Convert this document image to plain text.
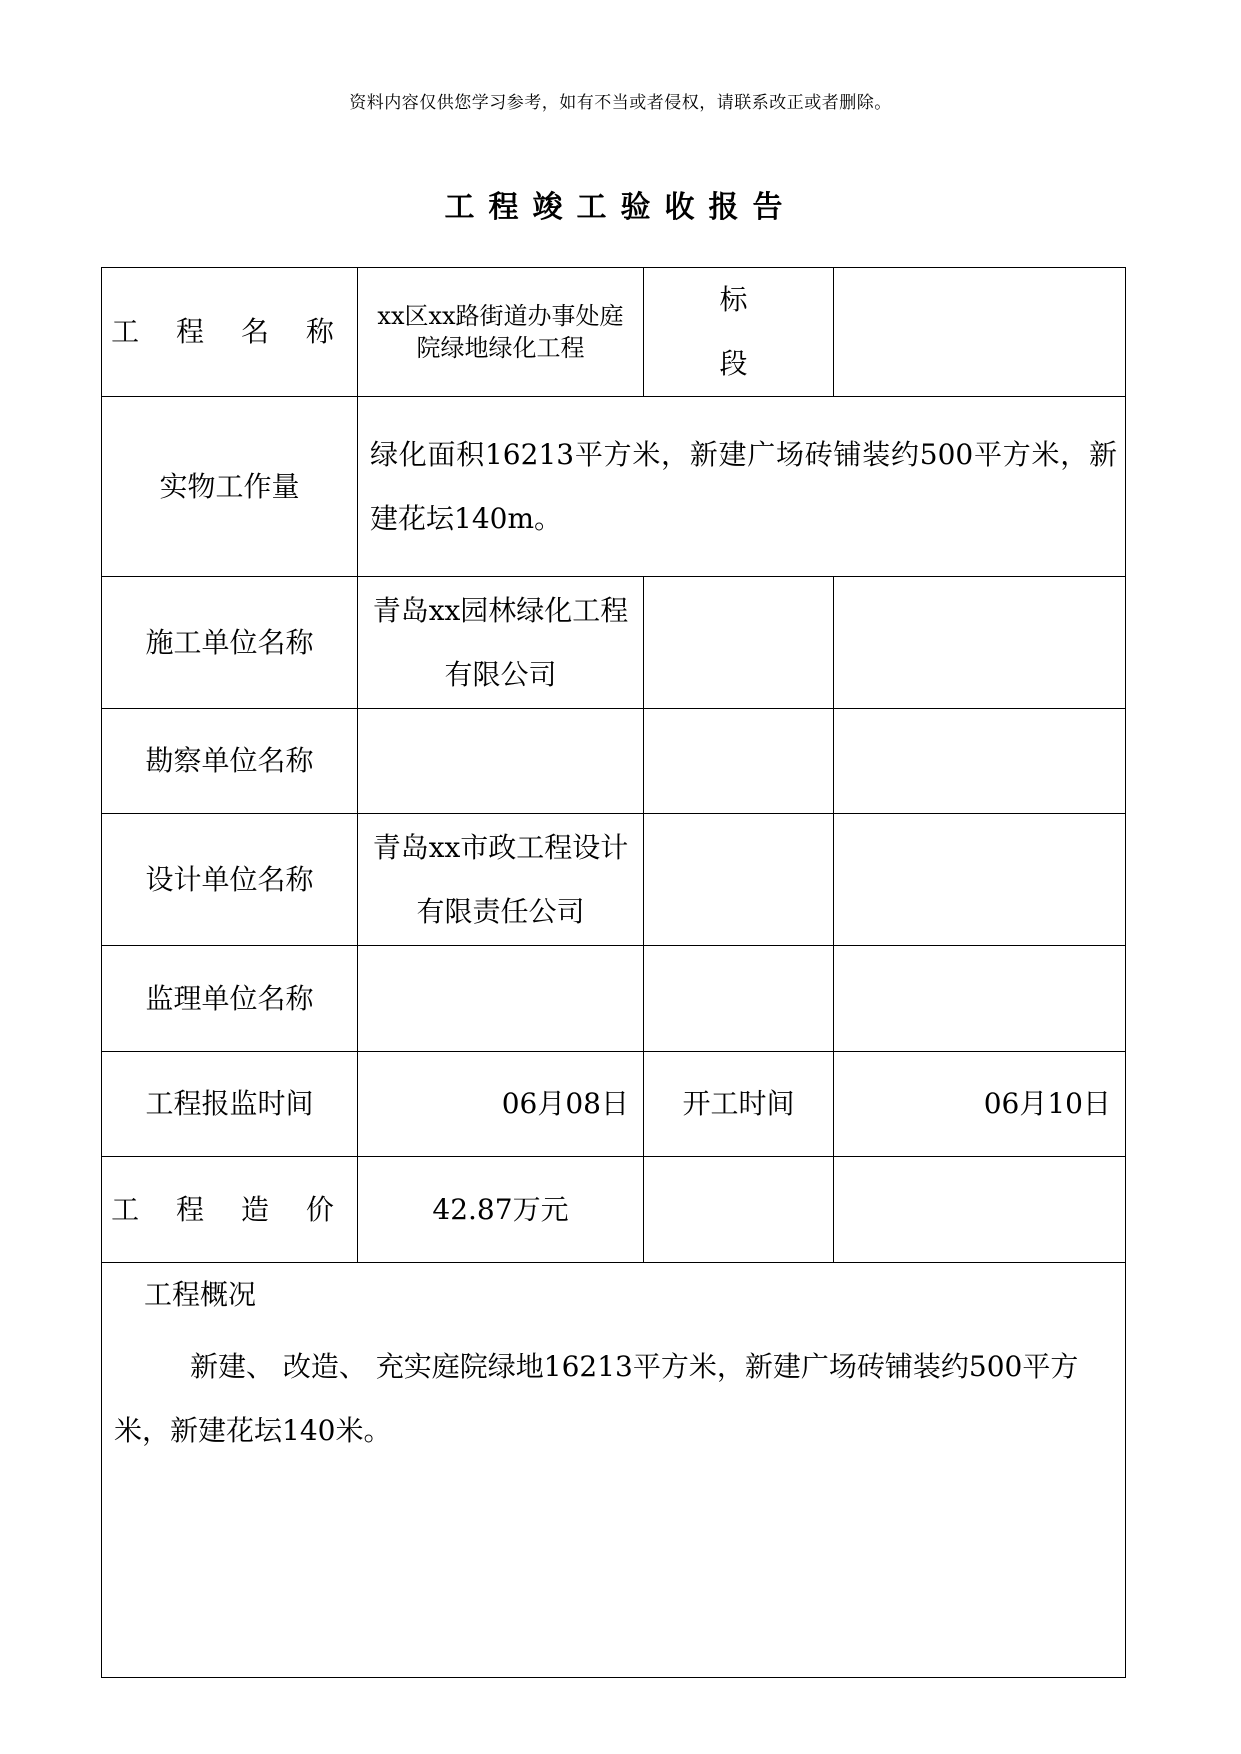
资料内容仅供您学习参考，如有不当或者侵权，请联系改正或者删除。
工程竣工验收报告
工 程 名 称	xx区xx路街道办事处庭院绿地绿化工程	标 段	
实物工作量	绿化面积16213平方米，新建广场砖铺装约500平方米，新建花坛140m。		
施工单位名称	青岛xx园林绿化工程有限公司		
勘察单位名称			
设计单位名称	青岛xx市政工程设计有限责任公司		
监理单位名称			
工程报监时间	06月08日	开工时间	06月10日
工 程 造 价	42.87万元		

工程概况
新建、 改造、 充实庭院绿地16213平方米，新建广场砖铺装约500平方米，新建花坛140米。			
